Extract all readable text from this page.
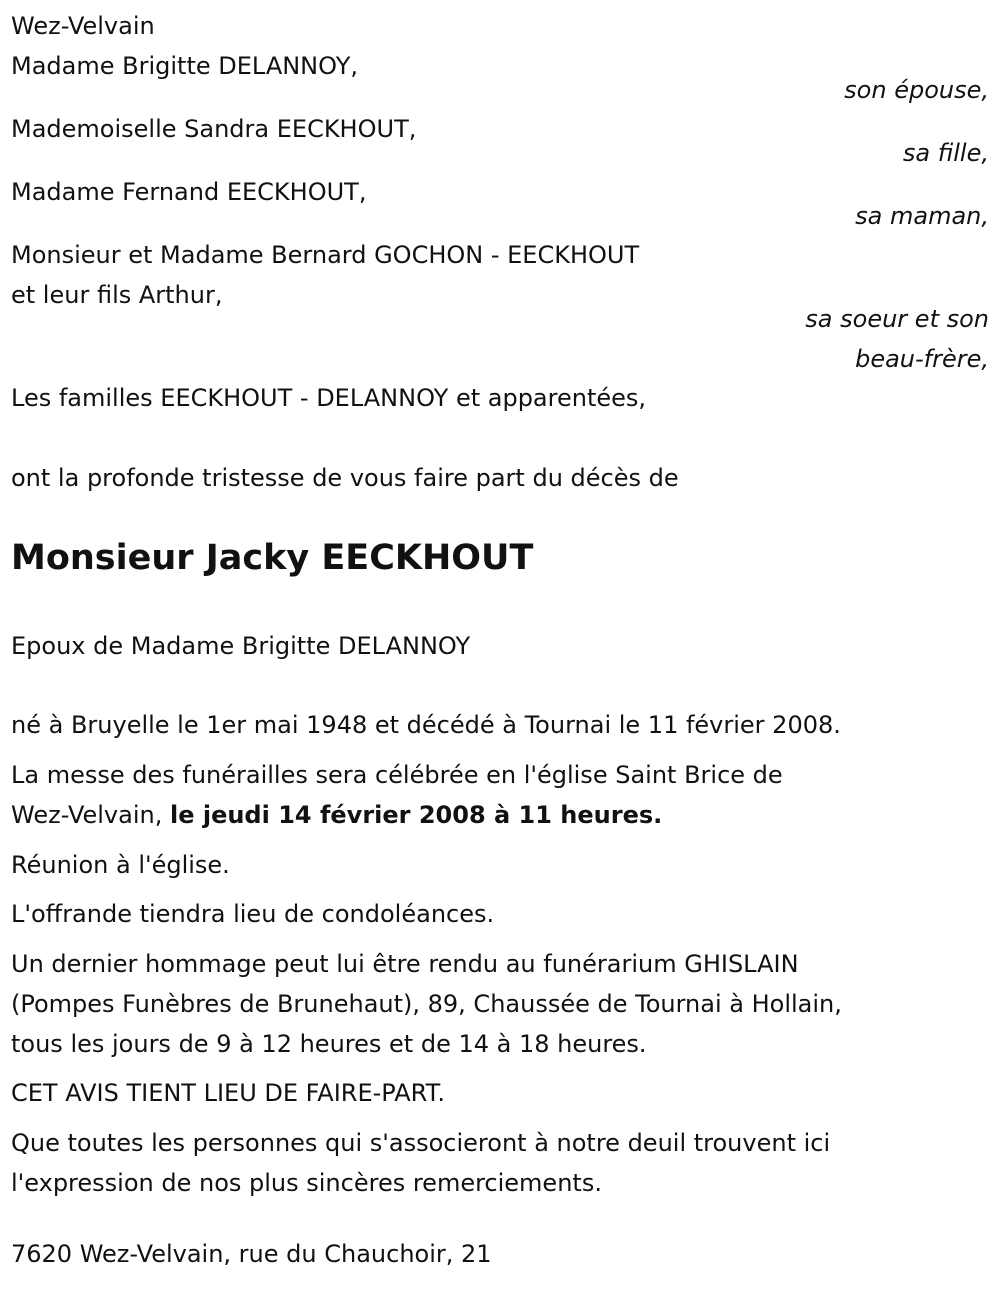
Wez-Velvain
Madame Brigitte DELANNOY,
son épouse,
Mademoiselle Sandra EECKHOUT,
sa fille,
Madame Fernand EECKHOUT,
sa maman,
Monsieur et Madame Bernard GOCHON - EECKHOUT
et leur fils Arthur,
sa soeur et son
beau-frère,
Les familles EECKHOUT - DELANNOY et apparentées,
ont la profonde tristesse de vous faire part du décès de
Monsieur Jacky EECKHOUT
Epoux de Madame Brigitte DELANNOY
né à Bruyelle le 1er mai 1948 et décédé à Tournai le 11 février 2008.
La messe des funérailles sera célébrée en l'église Saint Brice de
Wez-Velvain, le jeudi 14 février 2008 à 11 heures.
Réunion à l'église.
L'offrande tiendra lieu de condoléances.
Un dernier hommage peut lui être rendu au funérarium GHISLAIN
(Pompes Funèbres de Brunehaut), 89, Chaussée de Tournai à Hollain,
tous les jours de 9 à 12 heures et de 14 à 18 heures.
CET AVIS TIENT LIEU DE FAIRE-PART.
Que toutes les personnes qui s'associeront à notre deuil trouvent ici
l'expression de nos plus sincères remerciements.
7620 Wez-Velvain, rue du Chauchoir, 21
